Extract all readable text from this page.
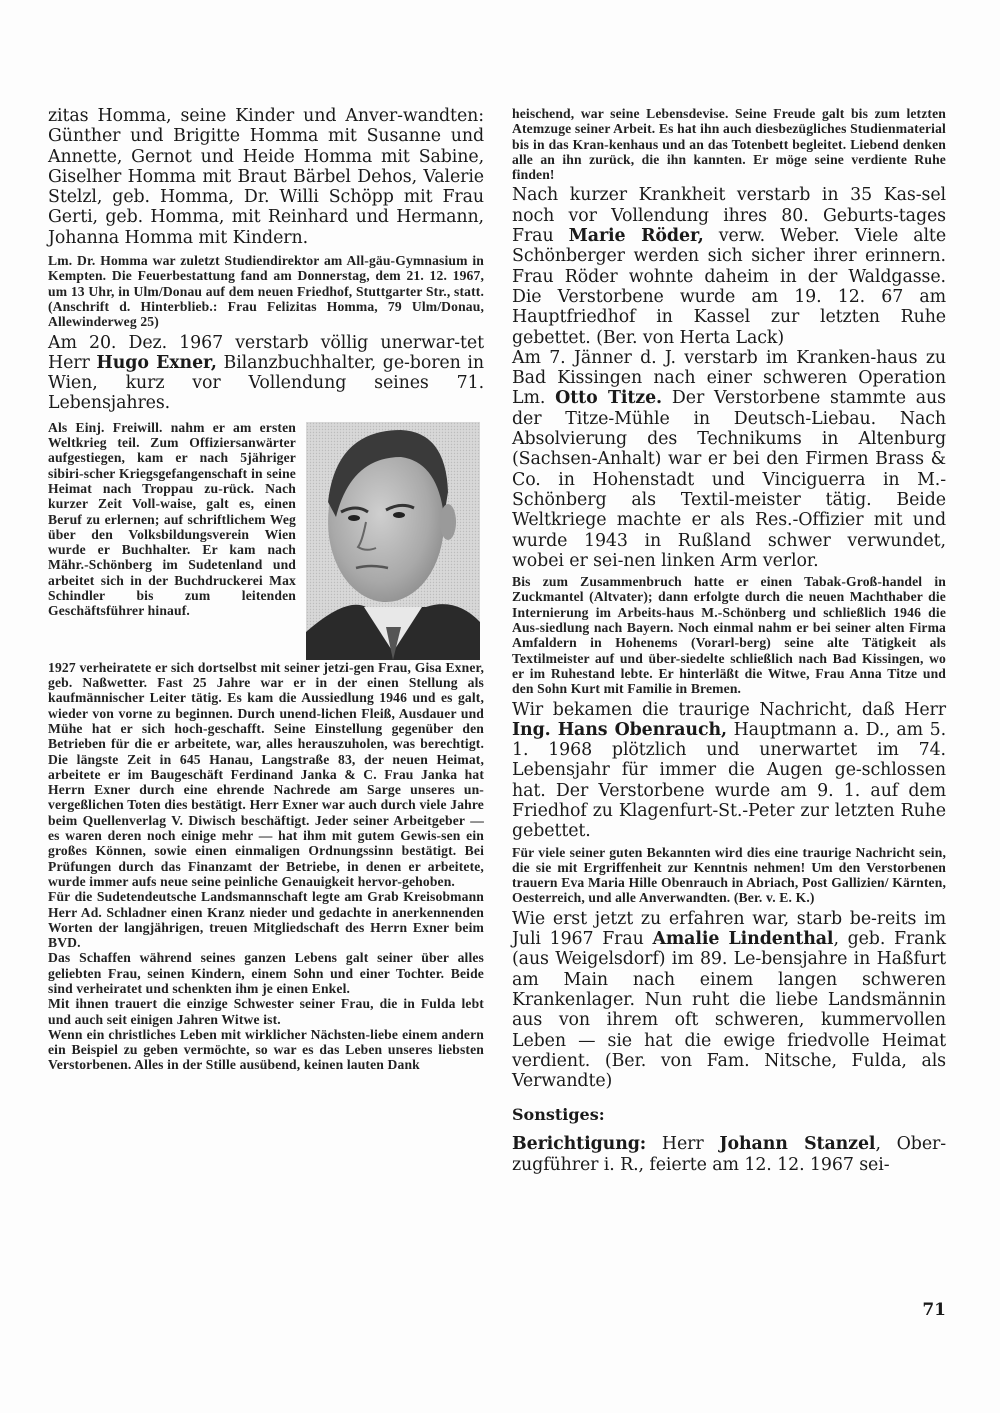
zitas Homma, seine Kinder und Anver-wandten: Günther und Brigitte Homma mit Susanne und Annette, Gernot und Heide Homma mit Sabine, Giselher Homma mit Braut Bärbel Dehos, Valerie Stelzl, geb. Homma, Dr. Willi Schöpp mit Frau Gerti, geb. Homma, mit Reinhard und Hermann, Johanna Homma mit Kindern.

Lm. Dr. Homma war zuletzt Studiendirektor am All-gäu-Gymnasium in Kempten. Die Feuerbestattung fand am Donnerstag, dem 21. 12. 1967, um 13 Uhr, in Ulm/Donau auf dem neuen Friedhof, Stuttgarter Str., statt. (Anschrift d. Hinterblieb.: Frau Felizitas Homma, 79 Ulm/Donau, Allewinderweg 25)

Am 20. Dez. 1967 verstarb völlig unerwar-tet Herr Hugo Exner, Bilanzbuchhalter, ge-boren in Wien, kurz vor Vollendung seines 71. Lebensjahres.

Als Einj. Freiwill. nahm er am ersten Weltkrieg teil. Zum Offiziersanwärter aufgestiegen, kam er nach 5jähriger sibiri-scher Kriegsgefangenschaft in seine Heimat nach Troppau zu-rück. Nach kurzer Zeit Voll-waise, galt es, einen Beruf zu erlernen; auf schriftlichem Weg über den Volksbildungsverein Wien wurde er Buchhalter. Er kam nach Mähr.-Schönberg im Sudetenland und arbeitet sich in der Buchdruckerei Max Schindler bis zum leitenden Geschäftsführer hinauf.

1927 verheiratete er sich dortselbst mit seiner jetzi-gen Frau, Gisa Exner, geb. Naßwetter. Fast 25 Jahre war er in der einen Stellung als kaufmännischer Leiter tätig. Es kam die Aussiedlung 1946 und es galt, wieder von vorne zu beginnen. Durch unend-lichen Fleiß, Ausdauer und Mühe hat er sich hoch-geschafft. Seine Einstellung gegenüber den Betrieben für die er arbeitete, war, alles herauszuholen, was berechtigt. Die längste Zeit in 645 Hanau, Langstraße 83, der neuen Heimat, arbeitete er im Baugeschäft Ferdinand Janka & C. Frau Janka hat Herrn Exner durch eine ehrende Nachrede am Sarge unseres un-vergeßlichen Toten dies bestätigt. Herr Exner war auch durch viele Jahre beim Quellenverlag V. Diwisch beschäftigt. Jeder seiner Arbeitgeber — es waren deren noch einige mehr — hat ihm mit gutem Gewis-sen ein großes Können, sowie einen einmaligen Ordnungssinn bestätigt. Bei Prüfungen durch das Finanzamt der Betriebe, in denen er arbeitete, wurde immer aufs neue seine peinliche Genauigkeit hervor-gehoben.

Für die Sudetendeutsche Landsmannschaft legte am Grab Kreisobmann Herr Ad. Schladner einen Kranz nieder und gedachte in anerkennenden Worten der langjährigen, treuen Mitgliedschaft des Herrn Exner beim BVD.

Das Schaffen während seines ganzen Lebens galt seiner über alles geliebten Frau, seinen Kindern, einem Sohn und einer Tochter. Beide sind verheiratet und schenkten ihm je einen Enkel.

Mit ihnen trauert die einzige Schwester seiner Frau, die in Fulda lebt und auch seit einigen Jahren Witwe ist.

Wenn ein christliches Leben mit wirklicher Nächsten-liebe einem andern ein Beispiel zu geben vermöchte, so war es das Leben unseres liebsten Verstorbenen. Alles in der Stille ausübend, keinen lauten Dank

heischend, war seine Lebensdevise. Seine Freude galt bis zum letzten Atemzuge seiner Arbeit. Es hat ihn auch diesbezügliches Studienmaterial bis in das Kran-kenhaus und an das Totenbett begleitet. Liebend denken alle an ihn zurück, die ihn kannten. Er möge seine verdiente Ruhe finden!

Nach kurzer Krankheit verstarb in 35 Kas-sel noch vor Vollendung ihres 80. Geburts-tages Frau Marie Röder, verw. Weber. Viele alte Schönberger werden sich sicher ihrer erinnern. Frau Röder wohnte daheim in der Waldgasse. Die Verstorbene wurde am 19. 12. 67 am Hauptfriedhof in Kassel zur letzten Ruhe gebettet. (Ber. von Herta Lack)

Am 7. Jänner d. J. verstarb im Kranken-haus zu Bad Kissingen nach einer schweren Operation Lm. Otto Titze. Der Verstorbene stammte aus der Titze-Mühle in Deutsch-Liebau. Nach Absolvierung des Technikums in Altenburg (Sachsen-Anhalt) war er bei den Firmen Brass & Co. in Hohenstadt und Vinciguerra in M.-Schönberg als Textil-meister tätig. Beide Weltkriege machte er als Res.-Offizier mit und wurde 1943 in Rußland schwer verwundet, wobei er sei-nen linken Arm verlor.

Bis zum Zusammenbruch hatte er einen Tabak-Groß-handel in Zuckmantel (Altvater); dann erfolgte durch die neuen Machthaber die Internierung im Arbeits-haus M.-Schönberg und schließlich 1946 die Aus-siedlung nach Bayern. Noch einmal nahm er bei seiner alten Firma Amfaldern in Hohenems (Vorarl-berg) seine alte Tätigkeit als Textilmeister auf und über-siedelte schließlich nach Bad Kissingen, wo er im Ruhestand lebte. Er hinterläßt die Witwe, Frau Anna Titze und den Sohn Kurt mit Familie in Bremen.

Wir bekamen die traurige Nachricht, daß Herr Ing. Hans Obenrauch, Hauptmann a. D., am 5. 1. 1968 plötzlich und unerwartet im 74. Lebensjahr für immer die Augen ge-schlossen hat. Der Verstorbene wurde am 9. 1. auf dem Friedhof zu Klagenfurt-St.-Peter zur letzten Ruhe gebettet.

Für viele seiner guten Bekannten wird dies eine traurige Nachricht sein, die sie mit Ergriffenheit zur Kenntnis nehmen! Um den Verstorbenen trauern Eva Maria Hille Obenrauch in Abriach, Post Gallizien/ Kärnten, Oesterreich, und alle Anverwandten. (Ber. v. E. K.)

Wie erst jetzt zu erfahren war, starb be-reits im Juli 1967 Frau Amalie Lindenthal, geb. Frank (aus Weigelsdorf) im 89. Le-bensjahre in Haßfurt am Main nach einem langen schweren Krankenlager. Nun ruht die liebe Landsmännin aus von ihrem oft schweren, kummervollen Leben — sie hat die ewige friedvolle Heimat verdient. (Ber. von Fam. Nitsche, Fulda, als Verwandte)

Sonstiges:

Berichtigung: Herr Johann Stanzel, Ober-zugführer i. R., feierte am 12. 12. 1967 sei-

71
